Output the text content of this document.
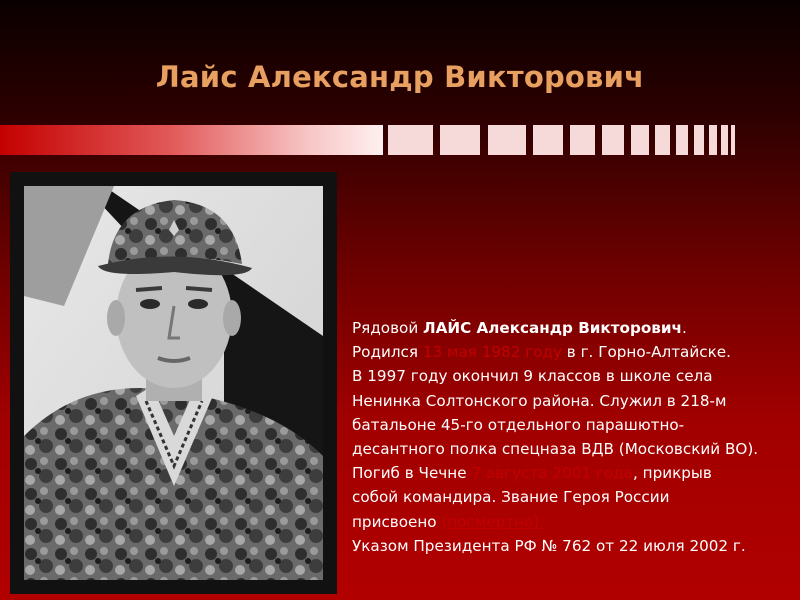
Лайс Александр Викторович
Рядовой ЛАЙС Александр Викторович.
Родился 13 мая 1982 году в г. Горно-Алтайске.
В 1997 году окончил 9 классов в школе села
Ненинка Солтонского района. Служил в 218-м
батальоне 45-го отдельного парашютно-
десантного полка спецназа ВДВ (Московский ВО).
Погиб в Чечне 7 августа 2001 года, прикрыв
собой командира. Звание Героя России
присвоено (посмертно).
Указом Президента РФ № 762 от 22 июля 2002 г.
